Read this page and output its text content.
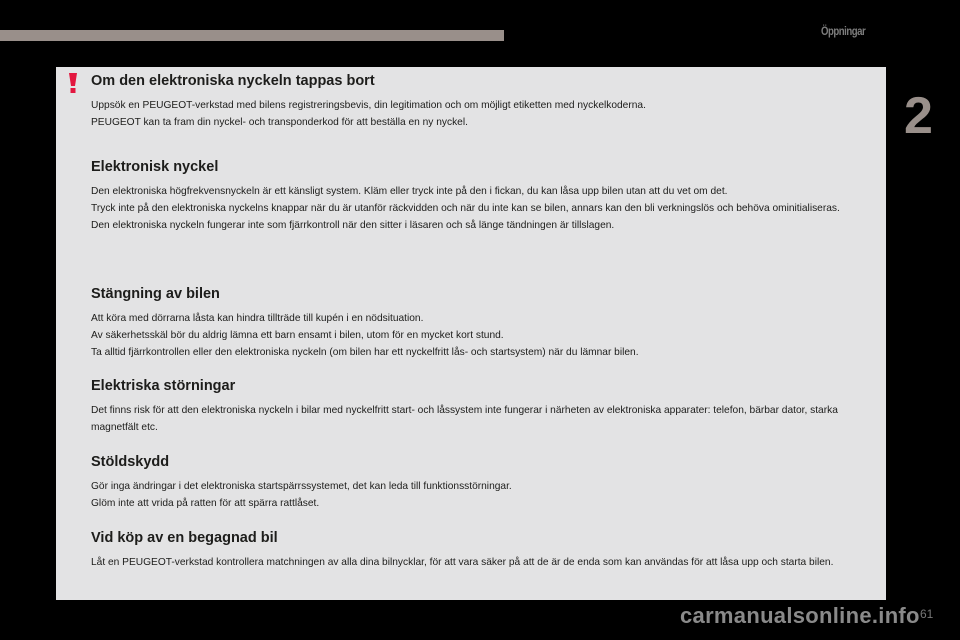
Öppningar
2
Om den elektroniska nyckeln tappas bort

Uppsök en PEUGEOT-verkstad med bilens registreringsbevis, din legitimation och om möjligt etiketten med nyckelkoderna.

PEUGEOT kan ta fram din nyckel- och transponderkod för att beställa en ny nyckel.

Elektronisk nyckel

Den elektroniska högfrekvensnyckeln är ett känsligt system. Kläm eller tryck inte på den i fickan, du kan låsa upp bilen utan att du vet om det.

Tryck inte på den elektroniska nyckelns knappar när du är utanför räckvidden och när du inte kan se bilen, annars kan den bli verkningslös och behöva ominitialiseras.

Den elektroniska nyckeln fungerar inte som fjärrkontroll när den sitter i läsaren och så länge tändningen är tillslagen.

Stängning av bilen

Att köra med dörrarna låsta kan hindra tillträde till kupén i en nödsituation.

Av säkerhetsskäl bör du aldrig lämna ett barn ensamt i bilen, utom för en mycket kort stund.

Ta alltid fjärrkontrollen eller den elektroniska nyckeln (om bilen har ett nyckelfritt lås- och startsystem) när du lämnar bilen.

Elektriska störningar

Det finns risk för att den elektroniska nyckeln i bilar med nyckelfritt start- och låssystem inte fungerar i närheten av elektroniska apparater: telefon, bärbar dator, starka magnetfält etc.

Stöldskydd

Gör inga ändringar i det elektroniska startspärrssystemet, det kan leda till funktionsstörningar.

Glöm inte att vrida på ratten för att spärra rattlåset.

Vid köp av en begagnad bil

Låt en PEUGEOT-verkstad kontrollera matchningen av alla dina bilnycklar, för att vara säker på att de är de enda som kan användas för att låsa upp och starta bilen.

61
carmanualsonline.info
